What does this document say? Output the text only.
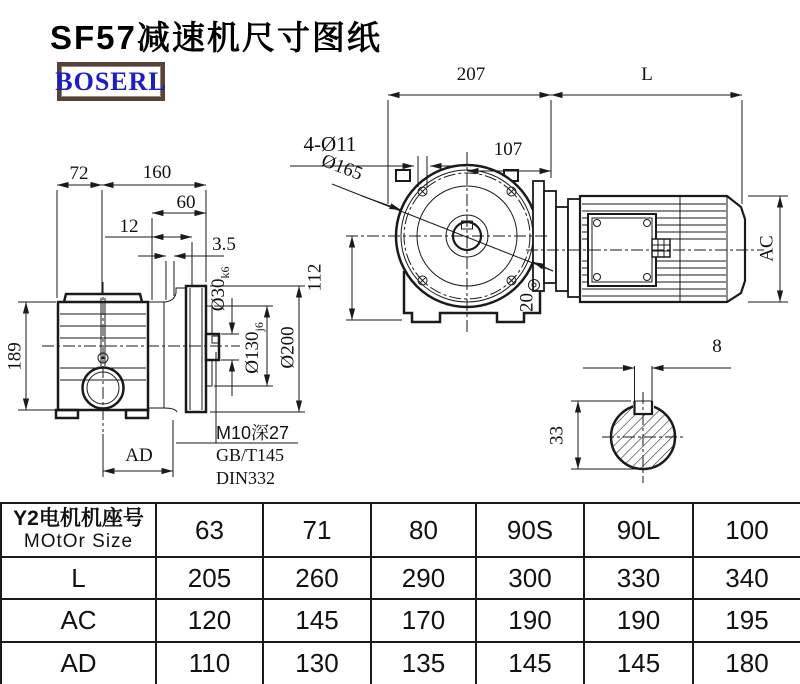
SF57减速机尺寸图纸
BOSERL
72	160
60
12
3.5
189
AD
$Ø30_{k6}$
$Ø130_{j6}$ Ø200
M10深27
GB/T145
DIN332
207	L
4-Ø11	107
Ø165
112
20
AC
8
33
Y2电机机座号
MOtOr Size	63	71	80	90S	90L	100
L	205	260	290	300	330	340
AC	120	145	170	190	190	195
AD	110	130	135	145	145	180
